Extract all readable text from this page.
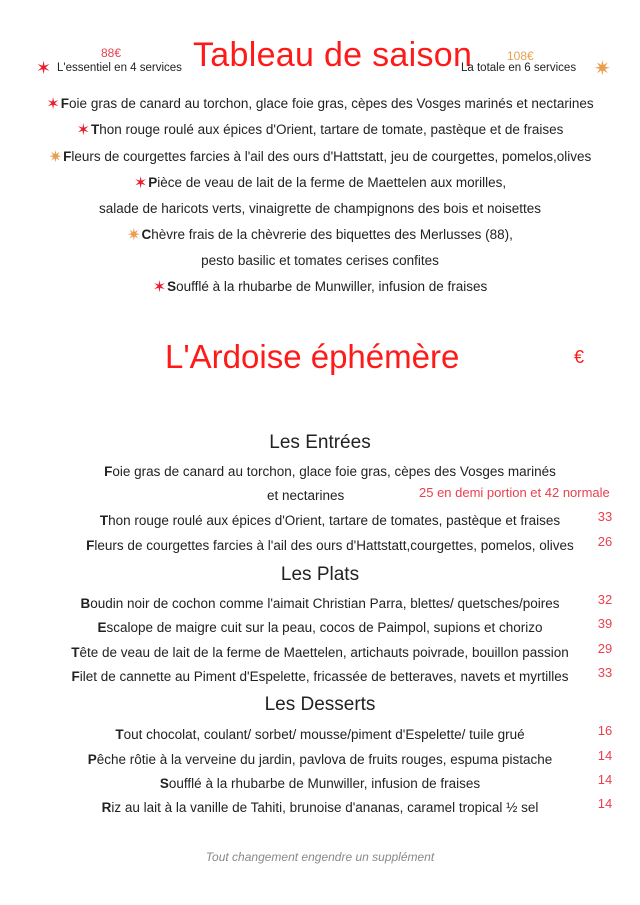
✶
88€
L'essentiel en 4 services Tableau de saison	108€
La totale en 6 services ✷
✶Foie gras de canard au torchon, glace foie gras, cèpes des Vosges marinés et nectarines
✶Thon rouge roulé aux épices d'Orient, tartare de tomate, pastèque et de fraises
✷Fleurs de courgettes farcies à l'ail des ours d'Hattstatt, jeu de courgettes, pomelos,olives
✶Pièce de veau de lait de la ferme de Maettelen aux morilles,
salade de haricots verts, vinaigrette de champignons des bois et noisettes
✷Chèvre frais de la chèvrerie des biquettes des Merlusses (88),
pesto basilic et tomates cerises confites
✶Soufflé à la rhubarbe de Munwiller, infusion de fraises
L'Ardoise éphémère	€
Les Entrées
Les Plats
Les Desserts
Foie gras de canard au torchon, glace foie gras, cèpes des Vosges marinés
et nectarines	25 en demi portion et 42 normale
Thon rouge roulé aux épices d'Orient, tartare de tomates, pastèque et fraises	33
Fleurs de courgettes farcies à l'ail des ours d'Hattstatt,courgettes, pomelos, olives	26
Boudin noir de cochon comme l'aimait Christian Parra, blettes/ quetsches/poires	32
Escalope de maigre cuit sur la peau, cocos de Paimpol, supions et chorizo	39
Tête de veau de lait de la ferme de Maettelen, artichauts poivrade, bouillon passion	29
Filet de cannette au Piment d'Espelette, fricassée de betteraves, navets et myrtilles	33
Tout chocolat, coulant/ sorbet/ mousse/piment d'Espelette/ tuile grué	16
Pêche rôtie à la verveine du jardin, pavlova de fruits rouges, espuma pistache	14
Soufflé à la rhubarbe de Munwiller, infusion de fraises	14
Riz au lait à la vanille de Tahiti, brunoise d'ananas, caramel tropical ½ sel	14
Tout changement engendre un supplément
